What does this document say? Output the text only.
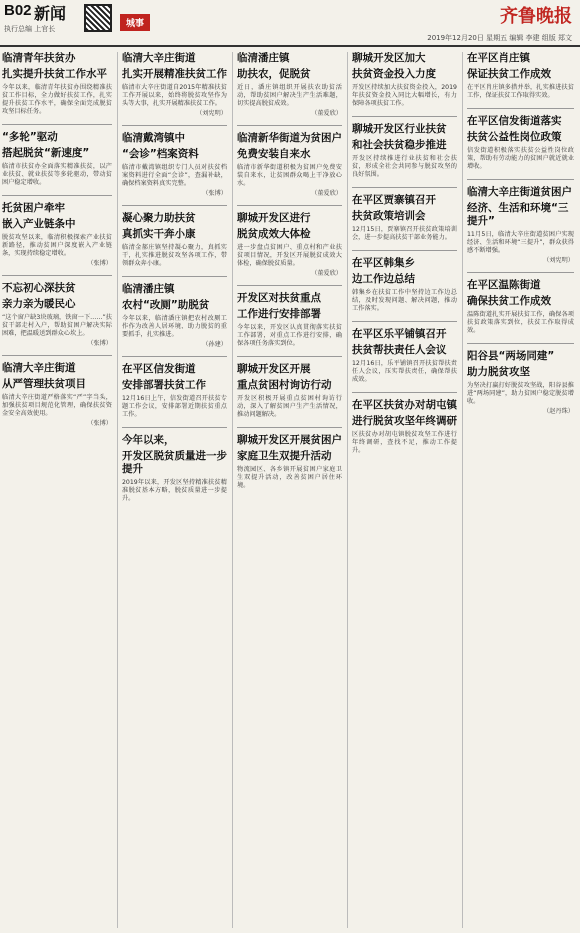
B02 新闻
执行总编 上官长	城事	齐鲁晚报
2019年12月20日 星期五 编辑 李建 组版 郑文
临清青年扶贫办
扎实提升扶贫工作水平
今年以来，临清青年扶贫办围绕精准扶贫工作目标，全力做好扶贫工作，扎实提升扶贫工作水平，确保全面完成脱贫攻坚目标任务。
“多轮”驱动
搭起脱贫“新速度”
临清市扶贫办全面落实精准扶贫，以产业扶贫、就业扶贫等多轮驱动，带动贫困户稳定增收。
托贫困户牵牢
嵌入产业链条中
脱贫攻坚以来，临清积极探索产业扶贫新路径，推动贫困户深度嵌入产业链条，实现持续稳定增收。
（张博）
不忘初心深扶贫
亲力亲为暖民心
“这个窗户缺3块玻璃，铁窗一下……”扶贫干部走村入户，帮助贫困户解决实际困难，把温暖送到群众心坎上。
（张博）
临清大辛庄街道
从严管理扶贫项目
临清大辛庄街道严格落实“严”字当头，加强扶贫项目规范化管理，确保扶贫资金安全高效使用。
（张博）
临清大辛庄街道
扎实开展精准扶贫工作
临清市大辛庄街道自2015年精准扶贫工作开展以来，始终将脱贫攻坚作为头等大事，扎实开展精准扶贫工作。
（刘宪明）
临清戴湾镇中
“会诊”档案资料
临清市戴湾镇组织专门人员对扶贫档案资料进行全面“会诊”，查漏补缺，确保档案资料真实完整。
（张博）
凝心聚力助扶贫
真抓实干奔小康
临清金郝庄镇坚持凝心聚力，真抓实干，扎实推进脱贫攻坚各项工作，带领群众奔小康。
临清潘庄镇
农村“改厕”助脱贫
今年以来，临清潘庄镇把农村改厕工作作为改善人居环境、助力脱贫的重要抓手，扎实推进。
（孙建）
在平区信发街道
安排部署扶贫工作
12月16日上午，信发街道召开扶贫专题工作会议，安排部署近期扶贫重点工作。
今年以来，
开发区脱贫质量进一步提升
2019年以来，开发区坚持精准扶贫精准脱贫基本方略，脱贫质量进一步提升。
临清潘庄镇
助扶农，促脱贫
近日，潘庄镇组织开展扶农助贫活动，帮助贫困户解决生产生活难题，切实提高脱贫成效。
（董爱欣）
临清新华街道为贫困户
免费安装自来水
临清市新华街道积极为贫困户免费安装自来水，让贫困群众喝上干净放心水。
（董爱欣）
聊城开发区进行
脱贫成效大体检
进一步盘点贫困户、重点村和产业扶贫项目情况，开发区开展脱贫成效大体检，确保脱贫质量。
（董爱欣）
开发区对扶贫重点
工作进行安排部署
今年以来，开发区认真贯彻落实扶贫工作部署，对重点工作进行安排，确保各项任务落实到位。
聊城开发区开展
重点贫困村询访行动
开发区积极开展重点贫困村询访行动，深入了解贫困户生产生活情况，推动问题解决。
聊城开发区开展贫困户
家庭卫生双提升活动
物流园区、各乡镇开展贫困户家庭卫生双提升活动，改善贫困户居住环境。
聊城开发区加大
扶贫资金投入力度
开发区持续加大扶贫资金投入，2019年扶贫资金投入同比大幅增长，有力保障各项扶贫工作。
聊城开发区行业扶贫
和社会扶贫稳步推进
开发区持续推进行业扶贫和社会扶贫，形成全社会共同参与脱贫攻坚的良好氛围。
在平区贾寨镇召开
扶贫政策培训会
12月15日，贾寨镇召开扶贫政策培训会，进一步提高扶贫干部业务能力。
在平区韩集乡
边工作边总结
韩集乡在扶贫工作中坚持边工作边总结，及时发现问题、解决问题，推动工作落实。
在平区乐平铺镇召开
扶贫帮扶责任人会议
12月16日，乐平铺镇召开扶贫帮扶责任人会议，压实帮扶责任，确保帮扶成效。
在平区扶贫办对胡屯镇
进行脱贫攻坚年终调研
区扶贫办对胡屯镇脱贫攻坚工作进行年终调研，查找不足，推动工作提升。
在平区肖庄镇
保证扶贫工作成效
在平区肖庄镇多措并举，扎实推进扶贫工作，保证扶贫工作取得实效。
在平区信发街道落实
扶贫公益性岗位政策
信发街道积极落实扶贫公益性岗位政策，帮助有劳动能力的贫困户就近就业增收。
临清大辛庄街道贫困户
经济、生活和环境“三提升”
11月5日，临清大辛庄街道贫困户实现经济、生活和环境“三提升”，群众获得感不断增强。
（刘宪明）
在平区温陈街道
确保扶贫工作成效
温陈街道扎实开展扶贫工作，确保各项扶贫政策落实到位，扶贫工作取得成效。
阳谷县“两场同建”
助力脱贫攻坚
为坚决打赢打好脱贫攻坚战，阳谷县推进“两场同建”，助力贫困户稳定脱贫增收。
（赵丹珠）
